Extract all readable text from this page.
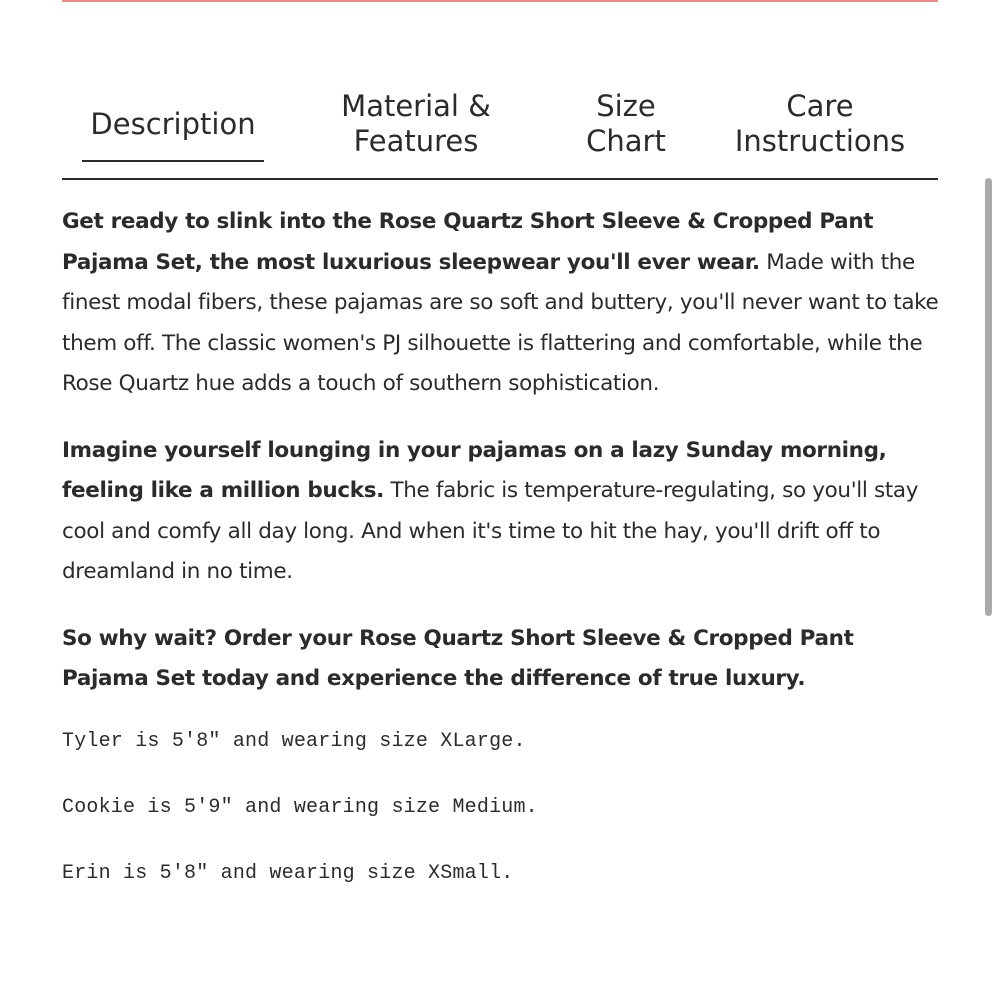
Description
Material &
Features
Size
Chart
Care
Instructions

Get ready to slink into the Rose Quartz Short Sleeve & Cropped Pant Pajama Set, the most luxurious sleepwear you'll ever wear. Made with the finest modal fibers, these pajamas are so soft and buttery, you'll never want to take them off. The classic women's PJ silhouette is flattering and comfortable, while the Rose Quartz hue adds a touch of southern sophistication.

Imagine yourself lounging in your pajamas on a lazy Sunday morning, feeling like a million bucks. The fabric is temperature-regulating, so you'll stay cool and comfy all day long. And when it's time to hit the hay, you'll drift off to dreamland in no time.

So why wait? Order your Rose Quartz Short Sleeve & Cropped Pant Pajama Set today and experience the difference of true luxury.

Tyler is 5'8" and wearing size XLarge.

Cookie is 5'9" and wearing size Medium.

Erin is 5'8" and wearing size XSmall.
